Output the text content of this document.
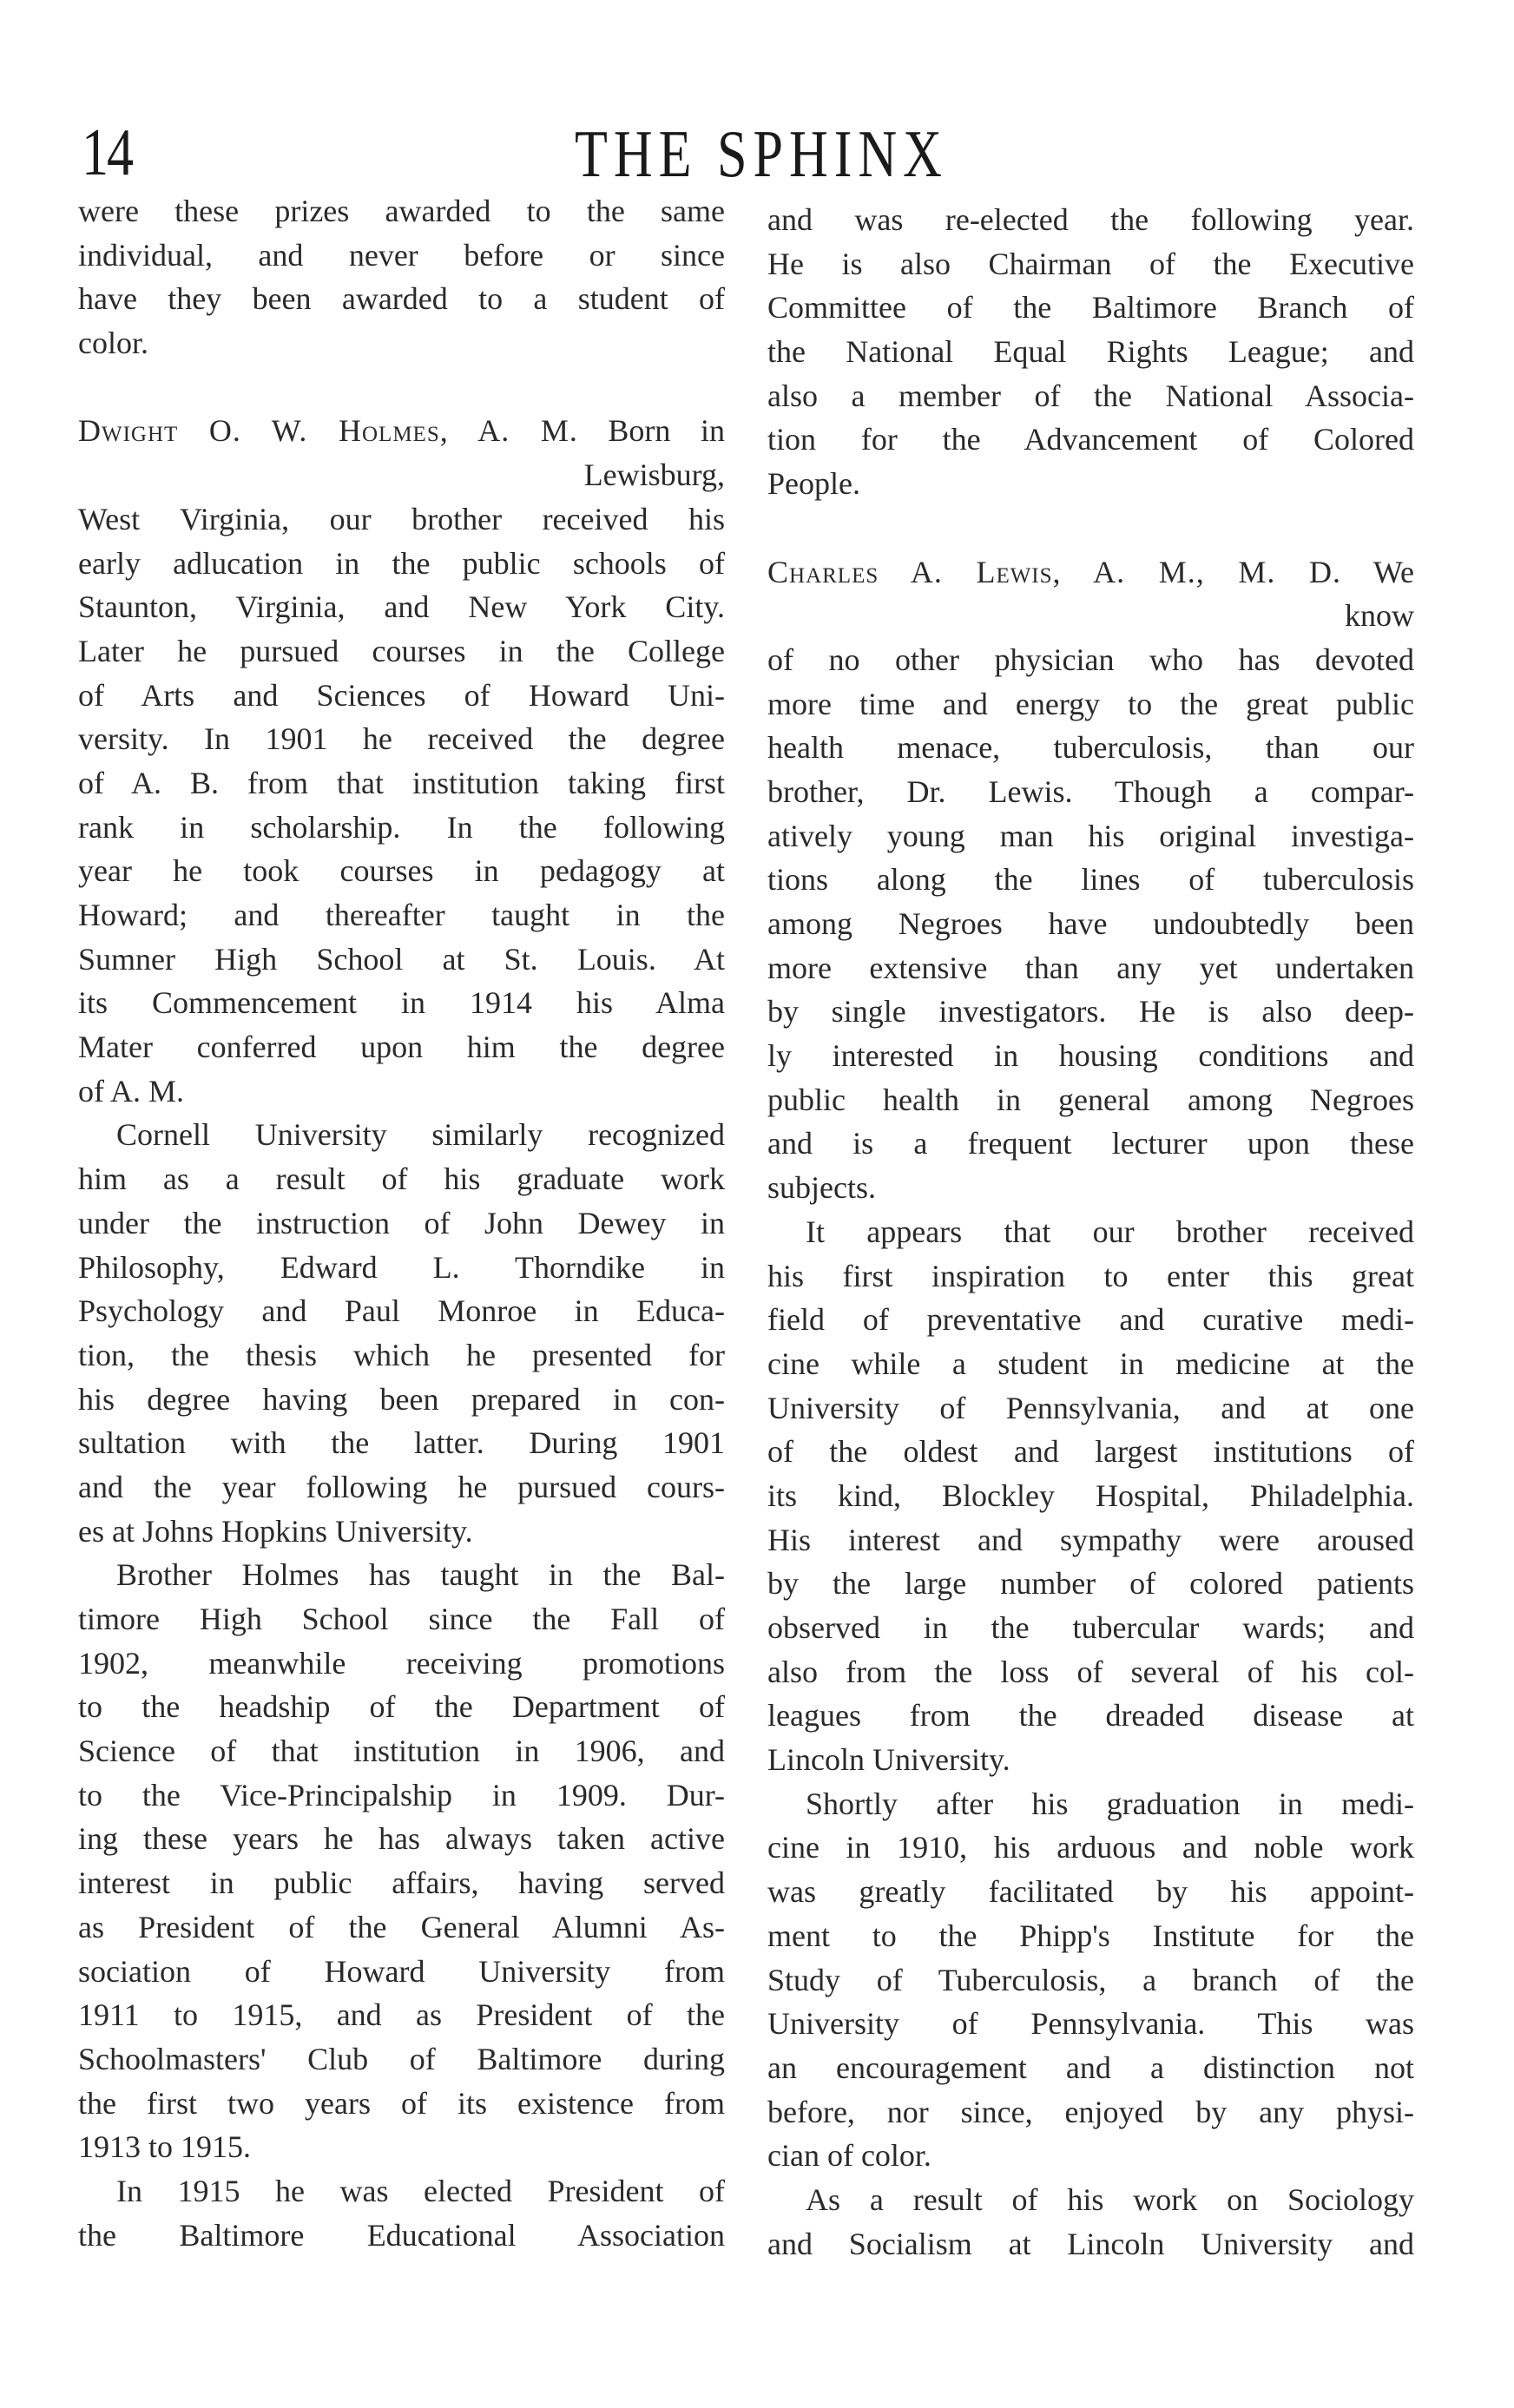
14	THE SPHINX
were these prizes awarded to the same
individual, and never before or since
have they been awarded to a student of
color.
Dwight O. W. Holmes, A. M. Born in
Lewisburg,
West Virginia, our brother received his
early adlucation in the public schools of
Staunton, Virginia, and New York City.
Later he pursued courses in the College
of Arts and Sciences of Howard Uni-
versity. In 1901 he received the degree
of A. B. from that institution taking first
rank in scholarship. In the following
year he took courses in pedagogy at
Howard; and thereafter taught in the
Sumner High School at St. Louis. At
its Commencement in 1914 his Alma
Mater conferred upon him the degree
of A. M.
Cornell University similarly recognized
him as a result of his graduate work
under the instruction of John Dewey in
Philosophy, Edward L. Thorndike in
Psychology and Paul Monroe in Educa-
tion, the thesis which he presented for
his degree having been prepared in con-
sultation with the latter. During 1901
and the year following he pursued cours-
es at Johns Hopkins University.
Brother Holmes has taught in the Bal-
timore High School since the Fall of
1902, meanwhile receiving promotions
to the headship of the Department of
Science of that institution in 1906, and
to the Vice-Principalship in 1909. Dur-
ing these years he has always taken active
interest in public affairs, having served
as President of the General Alumni As-
sociation of Howard University from
1911 to 1915, and as President of the
Schoolmasters' Club of Baltimore during
the first two years of its existence from
1913 to 1915.
In 1915 he was elected President of
the Baltimore Educational Association
and was re-elected the following year.
He is also Chairman of the Executive
Committee of the Baltimore Branch of
the National Equal Rights League; and
also a member of the National Associa-
tion for the Advancement of Colored
People.
Charles A. Lewis, A. M., M. D. We
know
of no other physician who has devoted
more time and energy to the great public
health menace, tuberculosis, than our
brother, Dr. Lewis. Though a compar-
atively young man his original investiga-
tions along the lines of tuberculosis
among Negroes have undoubtedly been
more extensive than any yet undertaken
by single investigators. He is also deep-
ly interested in housing conditions and
public health in general among Negroes
and is a frequent lecturer upon these
subjects.
It appears that our brother received
his first inspiration to enter this great
field of preventative and curative medi-
cine while a student in medicine at the
University of Pennsylvania, and at one
of the oldest and largest institutions of
its kind, Blockley Hospital, Philadelphia.
His interest and sympathy were aroused
by the large number of colored patients
observed in the tubercular wards; and
also from the loss of several of his col-
leagues from the dreaded disease at
Lincoln University.
Shortly after his graduation in medi-
cine in 1910, his arduous and noble work
was greatly facilitated by his appoint-
ment to the Phipp's Institute for the
Study of Tuberculosis, a branch of the
University of Pennsylvania. This was
an encouragement and a distinction not
before, nor since, enjoyed by any physi-
cian of color.
As a result of his work on Sociology
and Socialism at Lincoln University and
